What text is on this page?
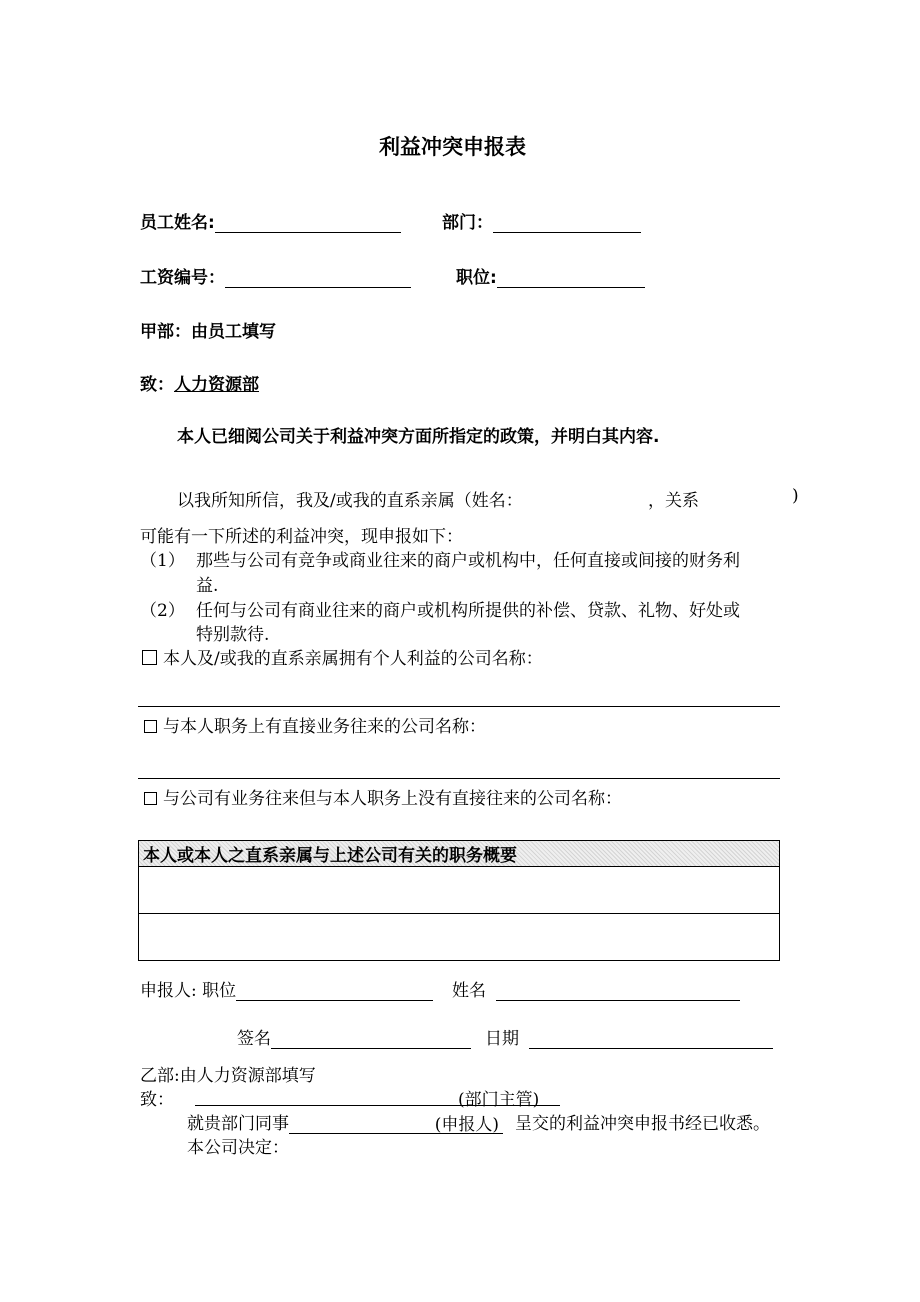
利益冲突申报表
员工姓名:	部门：
工资编号：	职位:
甲部：由员工填写
致：人力资源部
本人已细阅公司关于利益冲突方面所指定的政策，并明白其内容.
以我所知所信，我及/或我的直系亲属（姓名：	，关系	)
可能有一下所述的利益冲突，现申报如下：
（1） 那些与公司有竞争或商业往来的商户或机构中，任何直接或间接的财务利
益.
（2） 任何与公司有商业往来的商户或机构所提供的补偿、贷款、礼物、好处或
特别款待.
本人及/或我的直系亲属拥有个人利益的公司名称：
与本人职务上有直接业务往来的公司名称：
与公司有业务往来但与本人职务上没有直接往来的公司名称：
本人或本人之直系亲属与上述公司有关的职务概要

申报人: 职位	姓名
签名	日期
乙部:由人力资源部填写
致：	(部门主管)
就贵部门同事	(申报人) 呈交的利益冲突申报书经已收悉。
本公司决定：
